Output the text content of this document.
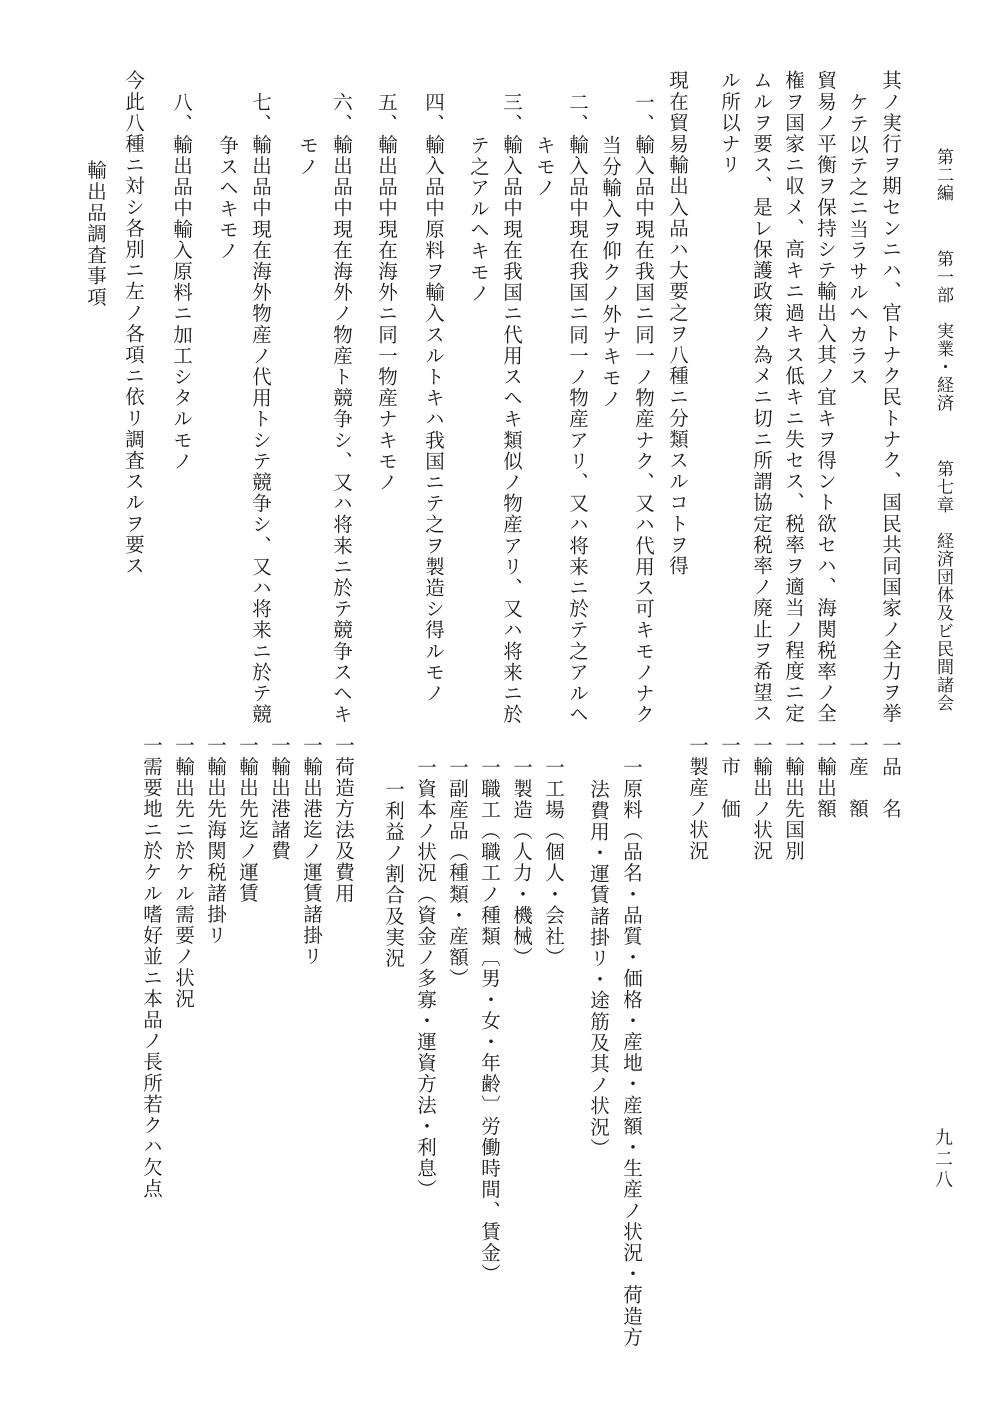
第二編 第一部　実業・経済 第七章　経済団体及ビ民間諸会
九二八
其ノ実行ヲ期センニハ、官トナク民トナク、国民共同国家ノ全力ヲ挙
ケテ以テ之ニ当ラサルヘカラス
貿易ノ平衡ヲ保持シテ輸出入其ノ宜キヲ得ント欲セハ、海関税率ノ全
権ヲ国家ニ収メ、高キニ過キス低キニ失セス、税率ヲ適当ノ程度ニ定
ムルヲ要ス、是レ保護政策ノ為メニ切ニ所謂協定税率ノ廃止ヲ希望ス
ル所以ナリ
現在貿易輸出入品ハ大要之ヲ八種ニ分類スルコトヲ得
一、輸入品中現在我国ニ同一ノ物産ナク、又ハ代用ス可キモノナク
当分輸入ヲ仰クノ外ナキモノ
二、輸入品中現在我国ニ同一ノ物産アリ、又ハ将来ニ於テ之アルヘ
キモノ
三、輸入品中現在我国ニ代用スヘキ類似ノ物産アリ、又ハ将来ニ於
テ之アルヘキモノ
四、輸入品中原料ヲ輸入スルトキハ我国ニテ之ヲ製造シ得ルモノ
五、輸出品中現在海外ニ同一物産ナキモノ
六、輸出品中現在海外ノ物産ト競争シ、又ハ将来ニ於テ競争スヘキ
モノ
七、輸出品中現在海外物産ノ代用トシテ競争シ、又ハ将来ニ於テ競
争スヘキモノ
八、輸出品中輸入原料ニ加工シタルモノ
今此八種ニ対シ各別ニ左ノ各項ニ依リ調査スルヲ要ス
輸出品調査事項
一品　名
一産　額
一輸出額
一輸出先国別
一輸出ノ状況
一市　価
一製産ノ状況
一原料（品名・品質・価格・産地・産額・生産ノ状況・荷造方
法費用・運賃諸掛リ・途筋及其ノ状況）
一工場（個人・会社）
一製造（人力・機械）
一職工（職工ノ種類〔男・女・年齢〕労働時間、賃金）
一副産品（種類・産額）
一資本ノ状況（資金ノ多寡・運資方法・利息）
一利益ノ割合及実況
一荷造方法及費用
一輸出港迄ノ運賃諸掛リ
一輸出港諸費
一輸出先迄ノ運賃
一輸出先海関税諸掛リ
一輸出先ニ於ケル需要ノ状況
一需要地ニ於ケル嗜好並ニ本品ノ長所若クハ欠点
